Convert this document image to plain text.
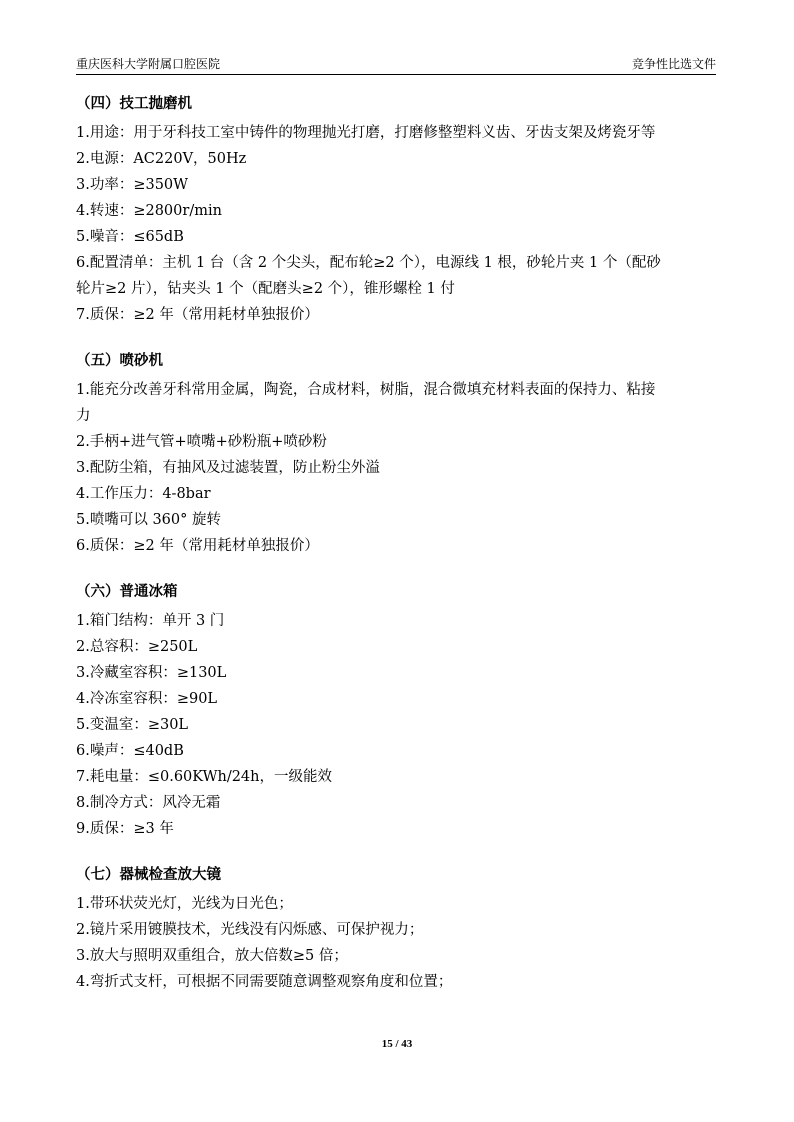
重庆医科大学附属口腔医院	竞争性比选文件
（四）技工抛磨机
1.用途：用于牙科技工室中铸件的物理抛光打磨，打磨修整塑料义齿、牙齿支架及烤瓷牙等
2.电源：AC220V，50Hz
3.功率：≥350W
4.转速：≥2800r/min
5.噪音：≤65dB
6.配置清单：主机 1 台（含 2 个尖头，配布轮≥2 个），电源线 1 根，砂轮片夹 1 个（配砂
轮片≥2 片），钻夹头 1 个（配磨头≥2 个），锥形螺栓 1 付
7.质保：≥2 年（常用耗材单独报价）
（五）喷砂机
1.能充分改善牙科常用金属，陶瓷，合成材料，树脂，混合微填充材料表面的保持力、粘接
力
2.手柄+进气管+喷嘴+砂粉瓶+喷砂粉
3.配防尘箱，有抽风及过滤装置，防止粉尘外溢
4.工作压力：4-8bar
5.喷嘴可以 360° 旋转
6.质保：≥2 年（常用耗材单独报价）
（六）普通冰箱
1.箱门结构：单开 3 门
2.总容积：≥250L
3.冷藏室容积：≥130L
4.冷冻室容积：≥90L
5.变温室：≥30L
6.噪声：≤40dB
7.耗电量：≤0.60KWh/24h，一级能效
8.制冷方式：风冷无霜
9.质保：≥3 年
（七）器械检查放大镜
1.带环状荧光灯，光线为日光色；
2.镜片采用镀膜技术，光线没有闪烁感、可保护视力；
3.放大与照明双重组合，放大倍数≥5 倍；
4.弯折式支杆，可根据不同需要随意调整观察角度和位置；
15 / 43
